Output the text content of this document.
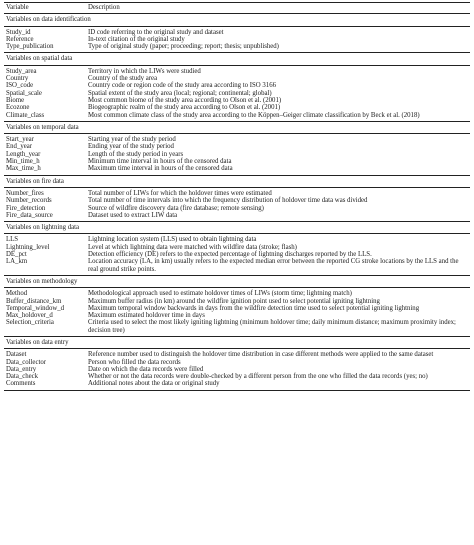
Variable	Description
Variables on data identification	
Study_id	ID code referring to the original study and dataset
Reference	In-text citation of the original study
Type_publication	Type of original study (paper; proceeding; report; thesis; unpublished)
Variables on spatial data	
Study_area	Territory in which the LIWs were studied
Country	Country of the study area
ISO_code	Country code or region code of the study area according to ISO 3166
Spatial_scale	Spatial extent of the study area (local; regional; continental; global)
Biome	Most common biome of the study area according to Olson et al. (2001)
Ecozone	Biogeographic realm of the study area according to Olson et al. (2001)
Climate_class	Most common climate class of the study area according to the Köppen–Geiger climate classification by Beck et al. (2018)
Variables on temporal data	
Start_year	Starting year of the study period
End_year	Ending year of the study period
Length_year	Length of the study period in years
Min_time_h	Minimum time interval in hours of the censored data
Max_time_h	Maximum time interval in hours of the censored data
Variables on fire data	
Number_fires	Total number of LIWs for which the holdover times were estimated
Number_records	Total number of time intervals into which the frequency distribution of holdover time data was divided
Fire_detection	Source of wildfire discovery data (fire database; remote sensing)
Fire_data_source	Dataset used to extract LIW data
Variables on lightning data	
LLS	Lightning location system (LLS) used to obtain lightning data
Lightning_level	Level at which lightning data were matched with wildfire data (stroke; flash)
DE_pct	Detection efficiency (DE) refers to the expected percentage of lightning discharges reported by the LLS.
LA_km	Location accuracy (LA, in km) usually refers to the expected median error between the reported CG stroke locations by the LLS and the real ground strike points.
Variables on methodology	
Method	Methodological approach used to estimate holdover times of LIWs (storm time; lightning match)
Buffer_distance_km	Maximum buffer radius (in km) around the wildfire ignition point used to select potential igniting lightning
Temporal_window_d	Maximum temporal window backwards in days from the wildfire detection time used to select potential igniting lightning
Max_holdover_d	Maximum estimated holdover time in days
Selection_criteria	Criteria used to select the most likely igniting lightning (minimum holdover time; daily minimum distance; maximum proximity index; decision tree)
Variables on data entry	
Dataset	Reference number used to distinguish the holdover time distribution in case different methods were applied to the same dataset
Data_collector	Person who filled the data records
Data_entry	Date on which the data records were filled
Data_check	Whether or not the data records were double-checked by a different person from the one who filled the data records (yes; no)
Comments	Additional notes about the data or original study
